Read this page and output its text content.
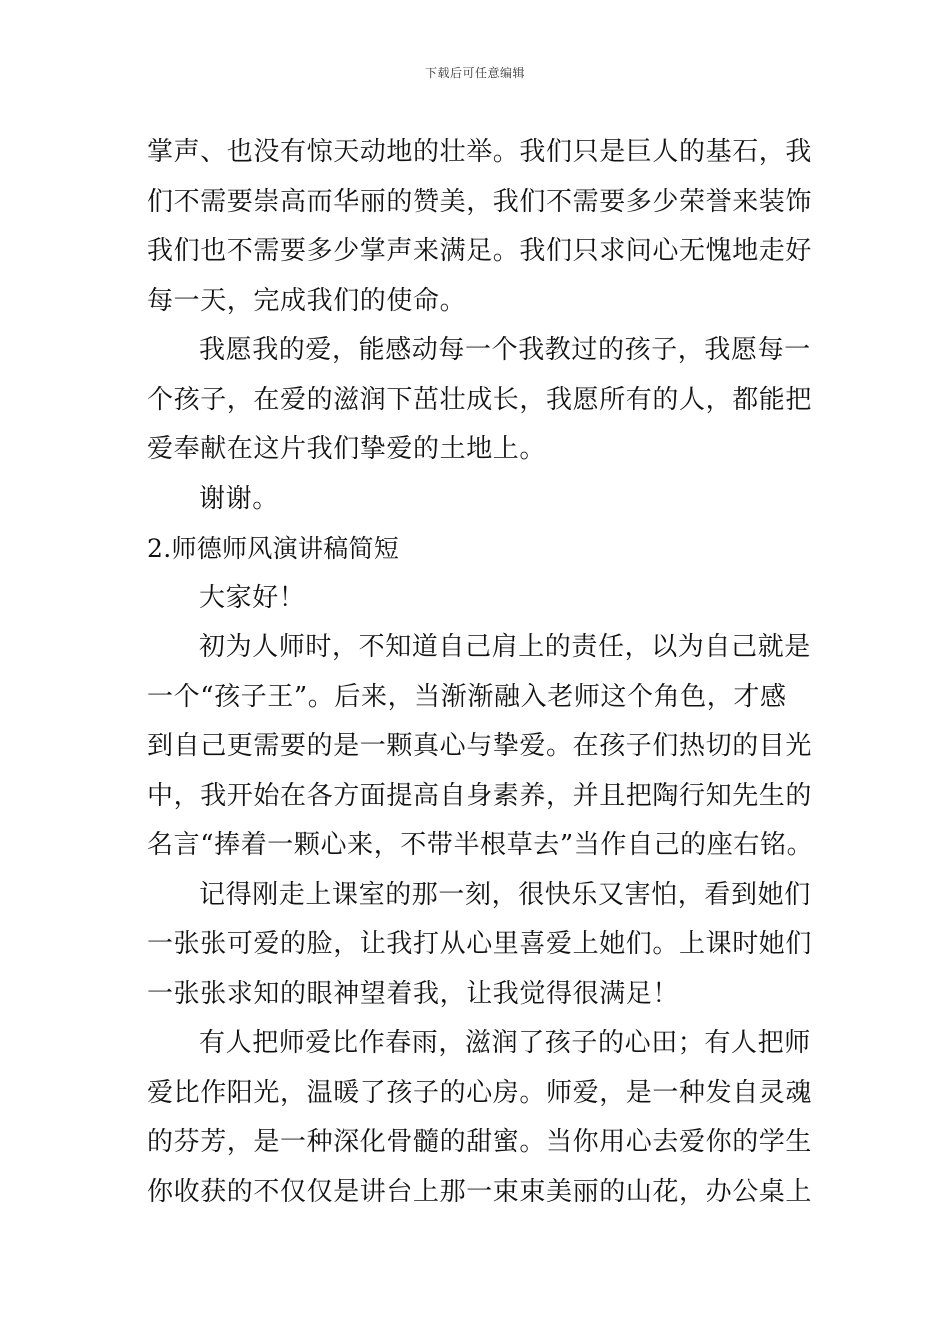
下载后可任意编辑
掌声、也没有惊天动地的壮举。我们只是巨人的基石，我
们不需要崇高而华丽的赞美，我们不需要多少荣誉来装饰
我们也不需要多少掌声来满足。我们只求问心无愧地走好
每一天，完成我们的使命。
我愿我的爱，能感动每一个我教过的孩子，我愿每一
个孩子，在爱的滋润下茁壮成长，我愿所有的人，都能把
爱奉献在这片我们挚爱的土地上。
谢谢。
2.师德师风演讲稿简短
大家好！
初为人师时，不知道自己肩上的责任，以为自己就是
一个“孩子王”。后来，当渐渐融入老师这个角色，才感
到自己更需要的是一颗真心与挚爱。在孩子们热切的目光
中，我开始在各方面提高自身素养，并且把陶行知先生的
名言“捧着一颗心来，不带半根草去”当作自己的座右铭。
记得刚走上课室的那一刻，很快乐又害怕，看到她们
一张张可爱的脸，让我打从心里喜爱上她们。上课时她们
一张张求知的眼神望着我，让我觉得很满足！
有人把师爱比作春雨，滋润了孩子的心田；有人把师
爱比作阳光，温暖了孩子的心房。师爱，是一种发自灵魂
的芬芳，是一种深化骨髓的甜蜜。当你用心去爱你的学生
你收获的不仅仅是讲台上那一束束美丽的山花，办公桌上
